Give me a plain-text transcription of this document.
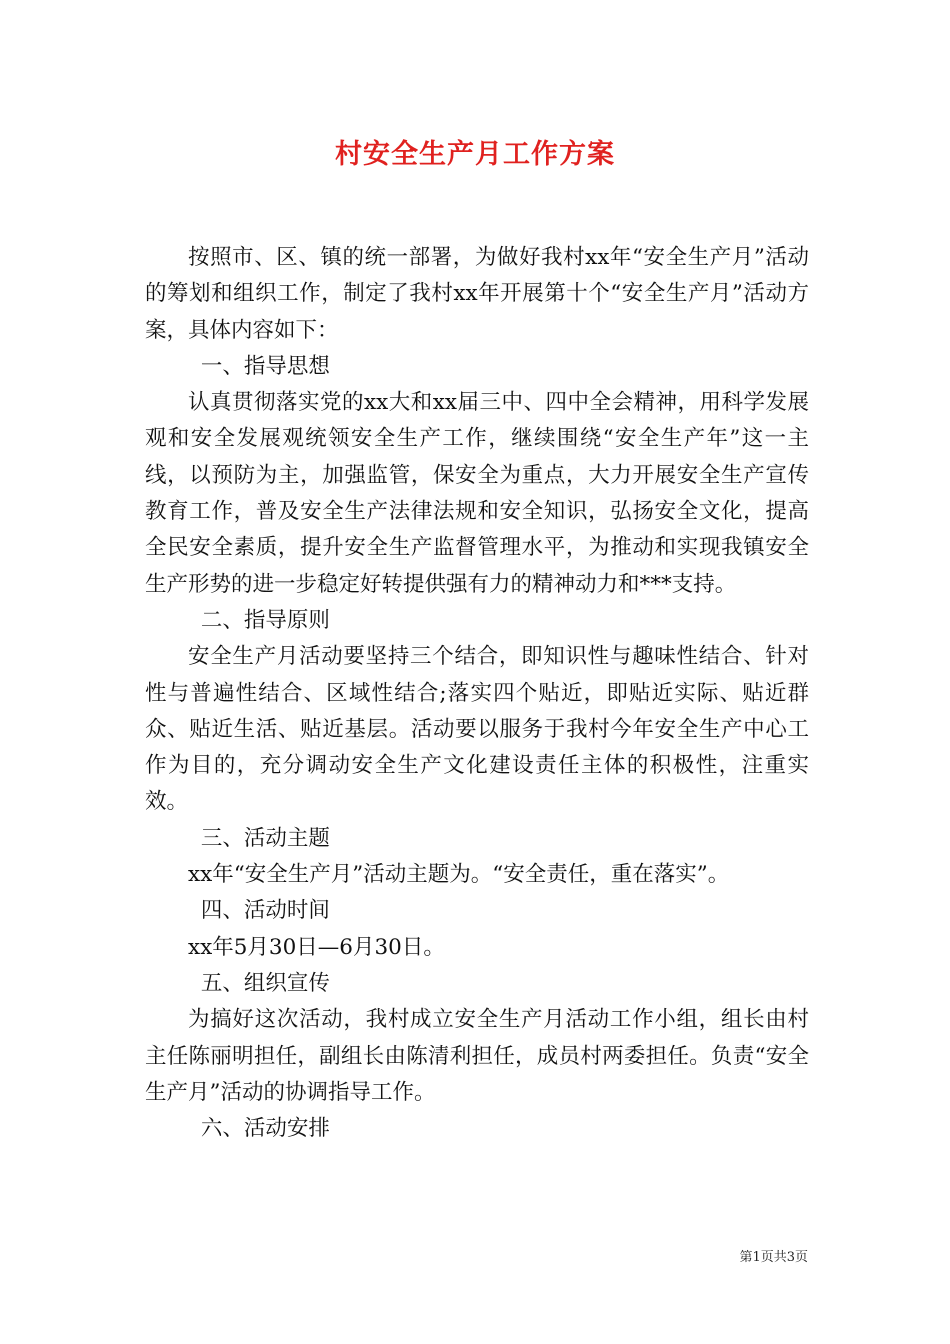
村安全生产月工作方案

按照市、区、镇的统一部署，为做好我村xx年“安全生产月”活动的筹划和组织工作，制定了我村xx年开展第十个“安全生产月”活动方案，具体内容如下：

一、指导思想

认真贯彻落实党的xx大和xx届三中、四中全会精神，用科学发展观和安全发展观统领安全生产工作，继续围绕“安全生产年”这一主线，以预防为主，加强监管，保安全为重点，大力开展安全生产宣传教育工作，普及安全生产法律法规和安全知识，弘扬安全文化，提高全民安全素质，提升安全生产监督管理水平，为推动和实现我镇安全生产形势的进一步稳定好转提供强有力的精神动力和***支持。

二、指导原则

安全生产月活动要坚持三个结合，即知识性与趣味性结合、针对性与普遍性结合、区域性结合;落实四个贴近，即贴近实际、贴近群众、贴近生活、贴近基层。活动要以服务于我村今年安全生产中心工作为目的，充分调动安全生产文化建设责任主体的积极性，注重实效。

三、活动主题

xx年“安全生产月”活动主题为。“安全责任，重在落实”。

四、活动时间

xx年5月30日—6月30日。

五、组织宣传

为搞好这次活动，我村成立安全生产月活动工作小组，组长由村主任陈丽明担任，副组长由陈清利担任，成员村两委担任。负责“安全生产月”活动的协调指导工作。

六、活动安排

第1页共3页
